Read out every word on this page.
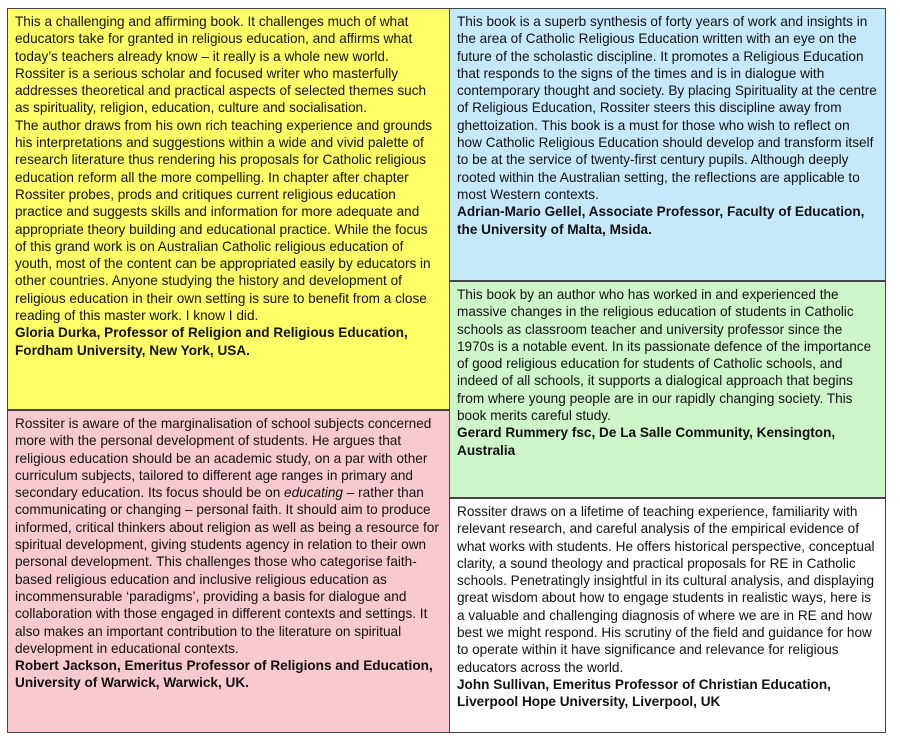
This a challenging and affirming book. It challenges much of what educators take for granted in religious education, and affirms what today’s teachers already know – it really is a whole new world. Rossiter is a serious scholar and focused writer who masterfully addresses theoretical and practical aspects of selected themes such as spirituality, religion, education, culture and socialisation.

The author draws from his own rich teaching experience and grounds his interpretations and suggestions within a wide and vivid palette of research literature thus rendering his proposals for Catholic religious education reform all the more compelling. In chapter after chapter Rossiter probes, prods and critiques current religious education practice and suggests skills and information for more adequate and appropriate theory building and educational practice. While the focus of this grand work is on Australian Catholic religious education of youth, most of the content can be appropriated easily by educators in other countries. Anyone studying the history and development of religious education in their own setting is sure to benefit from a close reading of this master work. I know I did.

Gloria Durka, Professor of Religion and Religious Education, Fordham University, New York, USA.

Rossiter is aware of the marginalisation of school subjects concerned more with the personal development of students. He argues that religious education should be an academic study, on a par with other curriculum subjects, tailored to different age ranges in primary and secondary education. Its focus should be on educating – rather than communicating or changing – personal faith. It should aim to produce informed, critical thinkers about religion as well as being a resource for spiritual development, giving students agency in relation to their own personal development. This challenges those who categorise faith-based religious education and inclusive religious education as incommensurable ‘paradigms’, providing a basis for dialogue and collaboration with those engaged in different contexts and settings. It also makes an important contribution to the literature on spiritual development in educational contexts.

Robert Jackson, Emeritus Professor of Religions and Education, University of Warwick, Warwick, UK.

This book is a superb synthesis of forty years of work and insights in the area of Catholic Religious Education written with an eye on the future of the scholastic discipline. It promotes a Religious Education that responds to the signs of the times and is in dialogue with contemporary thought and society. By placing Spirituality at the centre of Religious Education, Rossiter steers this discipline away from ghettoization. This book is a must for those who wish to reflect on how Catholic Religious Education should develop and transform itself to be at the service of twenty-first century pupils. Although deeply rooted within the Australian setting, the reflections are applicable to most Western contexts.

Adrian-Mario Gellel, Associate Professor, Faculty of Education, the University of Malta, Msida.

This book by an author who has worked in and experienced the massive changes in the religious education of students in Catholic schools as classroom teacher and university professor since the 1970s is a notable event. In its passionate defence of the importance of good religious education for students of Catholic schools, and indeed of all schools, it supports a dialogical approach that begins from where young people are in our rapidly changing society. This book merits careful study.

Gerard Rummery fsc, De La Salle Community, Kensington, Australia

Rossiter draws on a lifetime of teaching experience, familiarity with relevant research, and careful analysis of the empirical evidence of what works with students. He offers historical perspective, conceptual clarity, a sound theology and practical proposals for RE in Catholic schools. Penetratingly insightful in its cultural analysis, and displaying great wisdom about how to engage students in realistic ways, here is a valuable and challenging diagnosis of where we are in RE and how best we might respond. His scrutiny of the field and guidance for how to operate within it have significance and relevance for religious educators across the world.

John Sullivan, Emeritus Professor of Christian Education, Liverpool Hope University, Liverpool, UK
